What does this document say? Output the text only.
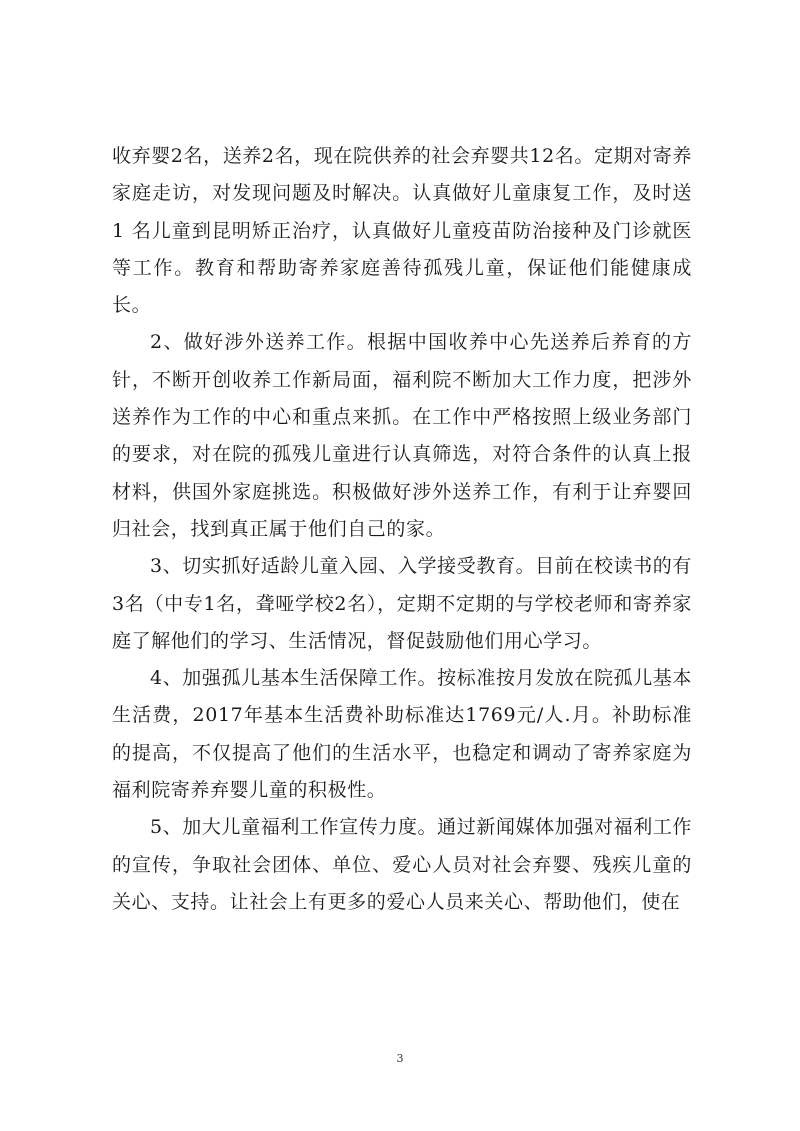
收弃婴2名，送养2名，现在院供养的社会弃婴共12名。定期对寄养家庭走访，对发现问题及时解决。认真做好儿童康复工作，及时送 1 名儿童到昆明矫正治疗，认真做好儿童疫苗防治接种及门诊就医等工作。教育和帮助寄养家庭善待孤残儿童，保证他们能健康成长。

2、做好涉外送养工作。根据中国收养中心先送养后养育的方针，不断开创收养工作新局面，福利院不断加大工作力度，把涉外送养作为工作的中心和重点来抓。在工作中严格按照上级业务部门的要求，对在院的孤残儿童进行认真筛选，对符合条件的认真上报材料，供国外家庭挑选。积极做好涉外送养工作，有利于让弃婴回归社会，找到真正属于他们自己的家。

3、切实抓好适龄儿童入园、入学接受教育。目前在校读书的有3名（中专1名，聋哑学校2名），定期不定期的与学校老师和寄养家庭了解他们的学习、生活情况，督促鼓励他们用心学习。

4、加强孤儿基本生活保障工作。按标准按月发放在院孤儿基本生活费，2017年基本生活费补助标准达1769元/人.月。补助标准的提高，不仅提高了他们的生活水平，也稳定和调动了寄养家庭为福利院寄养弃婴儿童的积极性。

5、加大儿童福利工作宣传力度。通过新闻媒体加强对福利工作的宣传，争取社会团体、单位、爱心人员对社会弃婴、残疾儿童的关心、支持。让社会上有更多的爱心人员来关心、帮助他们，使在

3
